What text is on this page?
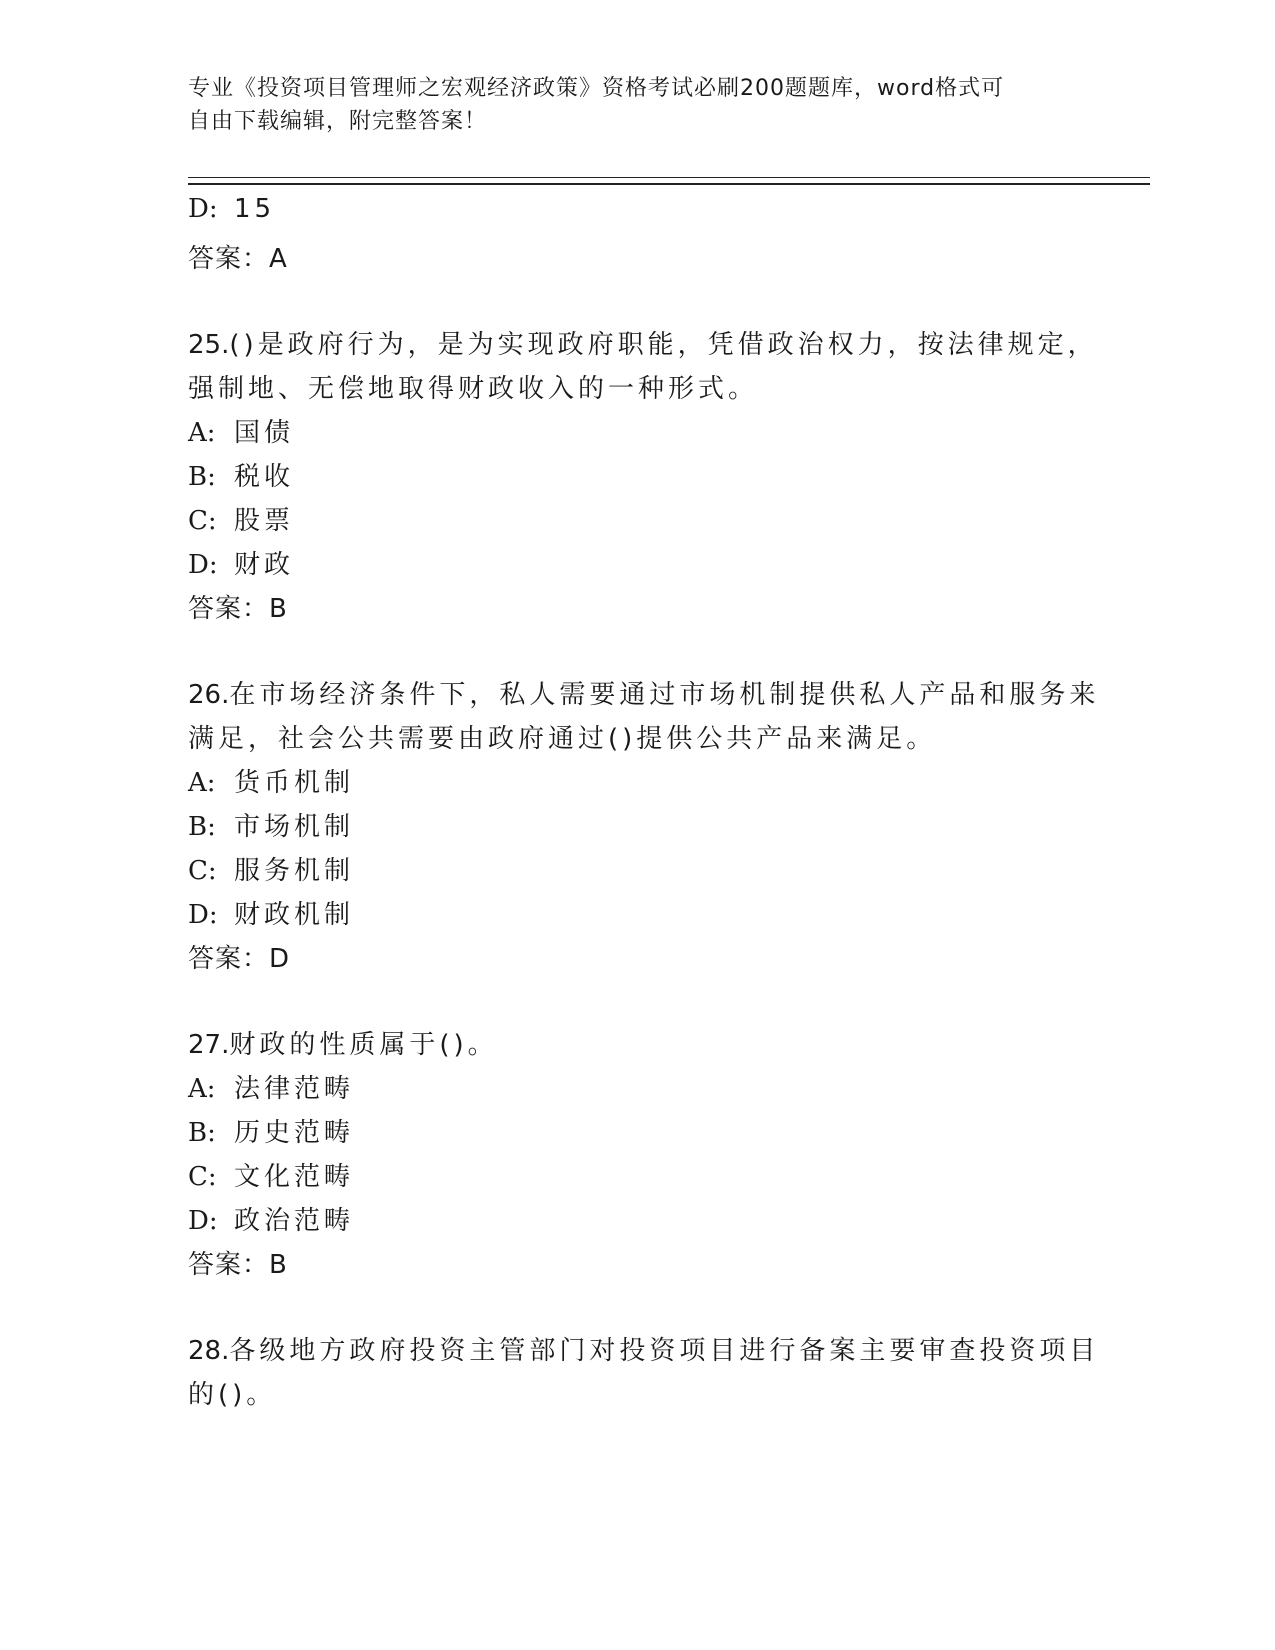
专业《投资项目管理师之宏观经济政策》资格考试必刷200题题库，word格式可
自由下载编辑，附完整答案！
D: 15
答案：A
25.()是政府行为，是为实现政府职能，凭借政治权力，按法律规定，
强制地、无偿地取得财政收入的一种形式。
A: 国债
B: 税收
C: 股票
D: 财政
答案：B
26.在市场经济条件下，私人需要通过市场机制提供私人产品和服务来
满足，社会公共需要由政府通过()提供公共产品来满足。
A: 货币机制
B: 市场机制
C: 服务机制
D: 财政机制
答案：D
27.财政的性质属于()。
A: 法律范畴
B: 历史范畴
C: 文化范畴
D: 政治范畴
答案：B
28.各级地方政府投资主管部门对投资项目进行备案主要审查投资项目
的()。
